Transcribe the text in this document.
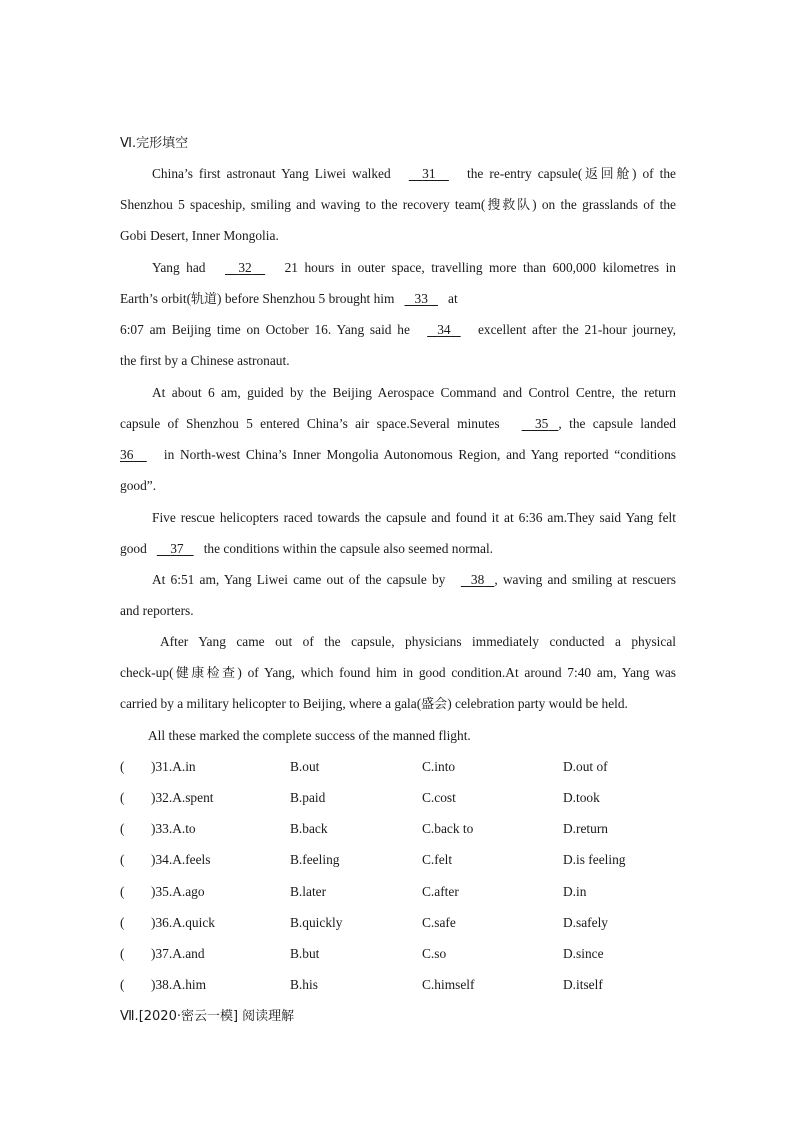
Ⅵ.完形填空
China’s first astronaut Yang Liwei walked 31 the re-entry capsule(返回舱) of the
Shenzhou 5 spaceship, smiling and waving to the recovery team(搜救队) on the grasslands of the
Gobi Desert, Inner Mongolia.
Yang had 32 21 hours in outer space, travelling more than 600,000 kilometres in
Earth’s orbit(轨道) before Shenzhou 5 brought him 33 at
6:07 am Beijing time on October 16. Yang said he 34 excellent after the 21-hour journey,
the first by a Chinese astronaut.
At about 6 am, guided by the Beijing Aerospace Command and Control Centre, the return
capsule of Shenzhou 5 entered China’s air space.Several minutes	35 , the capsule landed
36 in North-west China’s Inner Mongolia Autonomous Region, and Yang reported “conditions
good”.
Five rescue helicopters raced towards the capsule and found it at 6:36 am.They said Yang felt
good 37 the conditions within the capsule also seemed normal.
At 6:51 am, Yang Liwei came out of the capsule by 38 , waving and smiling at rescuers
and reporters.
After Yang came out of the capsule, physicians immediately conducted a physical
check-up(健康检查) of Yang, which found him in good condition.At around 7:40 am, Yang was
carried by a military helicopter to Beijing, where a gala(盛会) celebration party would be held.
All these marked the complete success of the manned flight.
( )31.A.in	B.out	C.into	D.out of
( )32.A.spent	B.paid	C.cost	D.took
( )33.A.to	B.back	C.back to	D.return
( )34.A.feels	B.feeling	C.felt	D.is feeling
( )35.A.ago	B.later	C.after	D.in
( )36.A.quick	B.quickly	C.safe	D.safely
( )37.A.and	B.but	C.so	D.since
( )38.A.him	B.his	C.himself	D.itself
Ⅶ.[2020·密云一模] 阅读理解
